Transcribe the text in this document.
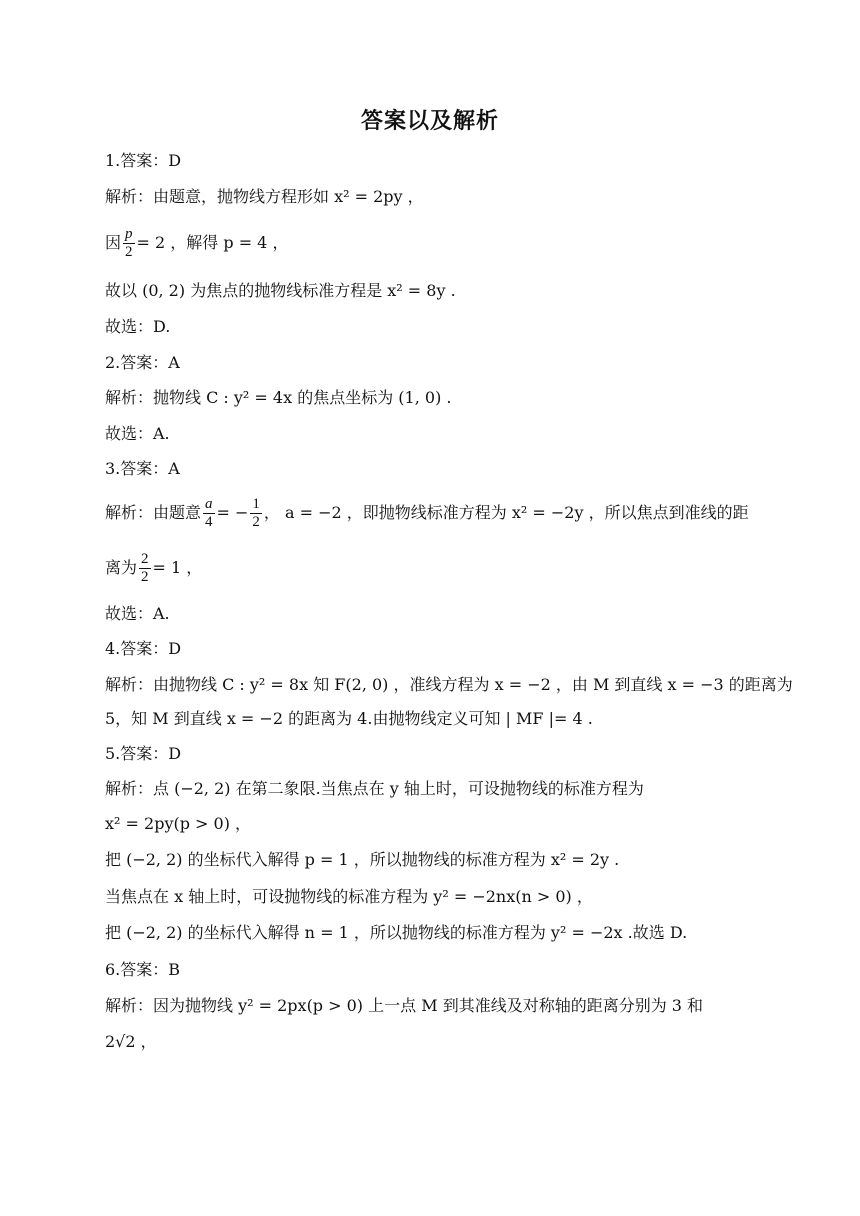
答案以及解析
1.答案：D
解析：由题意，抛物线方程形如 x² = 2py ，
因 $\frac{p}{2} = 2$ ，解得 p = 4 ，
故以 (0, 2) 为焦点的抛物线标准方程是 x² = 8y .
故选：D.
2.答案：A
解析：抛物线 C : y² = 4x 的焦点坐标为 (1, 0) .
故选：A.
3.答案：A
解析：由题意 $\frac{a}{4}$ = − $\frac{1}{2}$ ， a = −2 ，即抛物线标准方程为 x² = −2y ，所以焦点到准线的距
离为 $\frac{2}{2} = 1$ ，
故选：A.
4.答案：D
解析：由抛物线 C : y² = 8x 知 F(2, 0) ，准线方程为 x = −2 ，由 M 到直线 x = −3 的距离为
5，知 M 到直线 x = −2 的距离为 4.由抛物线定义可知 | MF |= 4 .
5.答案：D
解析：点 (−2, 2) 在第二象限.当焦点在 y 轴上时，可设抛物线的标准方程为
x² = 2py(p > 0) ，
把 (−2, 2) 的坐标代入解得 p = 1 ，所以抛物线的标准方程为 x² = 2y .
当焦点在 x 轴上时，可设抛物线的标准方程为 y² = −2nx(n > 0) ，
把 (−2, 2) 的坐标代入解得 n = 1 ，所以抛物线的标准方程为 y² = −2x .故选 D.
6.答案：B
解析：因为抛物线 y² = 2px(p > 0) 上一点 M 到其准线及对称轴的距离分别为 3 和
2√2 ，
